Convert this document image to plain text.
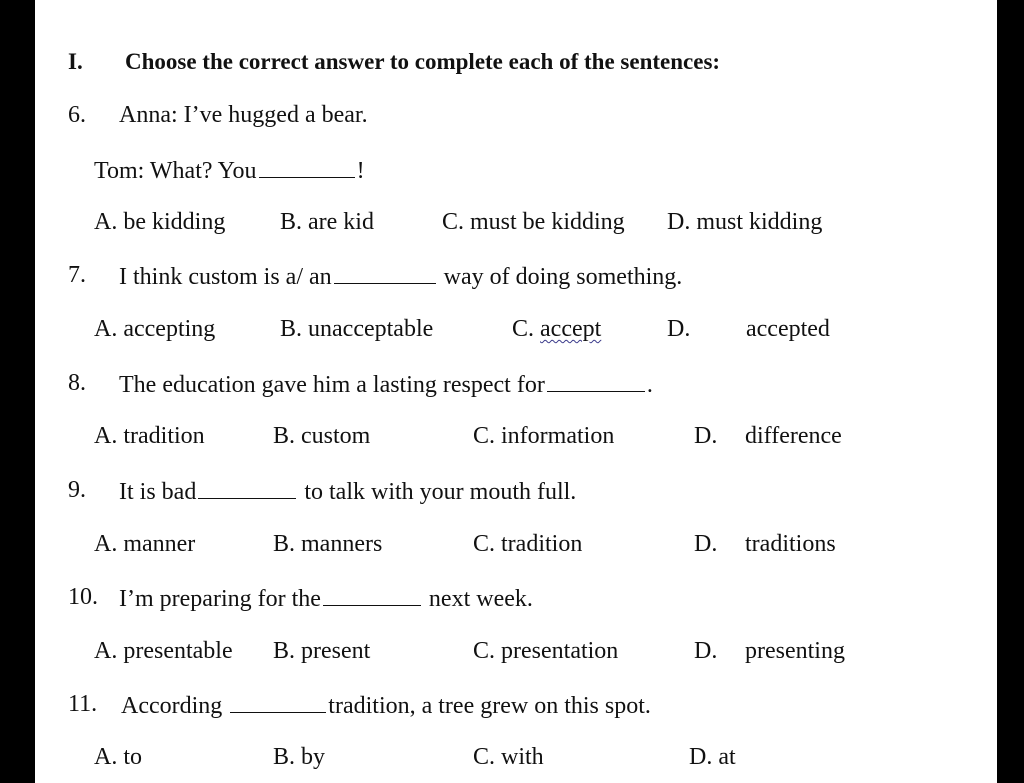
I. Choose the correct answer to complete each of the sentences:
6. Anna: I’ve hugged a bear.
Tom: What? You	!
A. be kidding B. are kid	C. must be kidding D. must kidding
7. I think custom is a/ an	way of doing something.
A. accepting	B. unacceptable	C. accept	D. accepted
8. The education gave him a lasting respect for	.
A. tradition	B. custom	C. information	D. difference
9. It is bad	to talk with your mouth full.
A. manner	B. manners	C. tradition	D. traditions
10. I’m preparing for the	next week.
A. presentable B. present	C. presentation	D. presenting
11. According	tradition, a tree grew on this spot.
A. to	B. by	C. with	D. at
